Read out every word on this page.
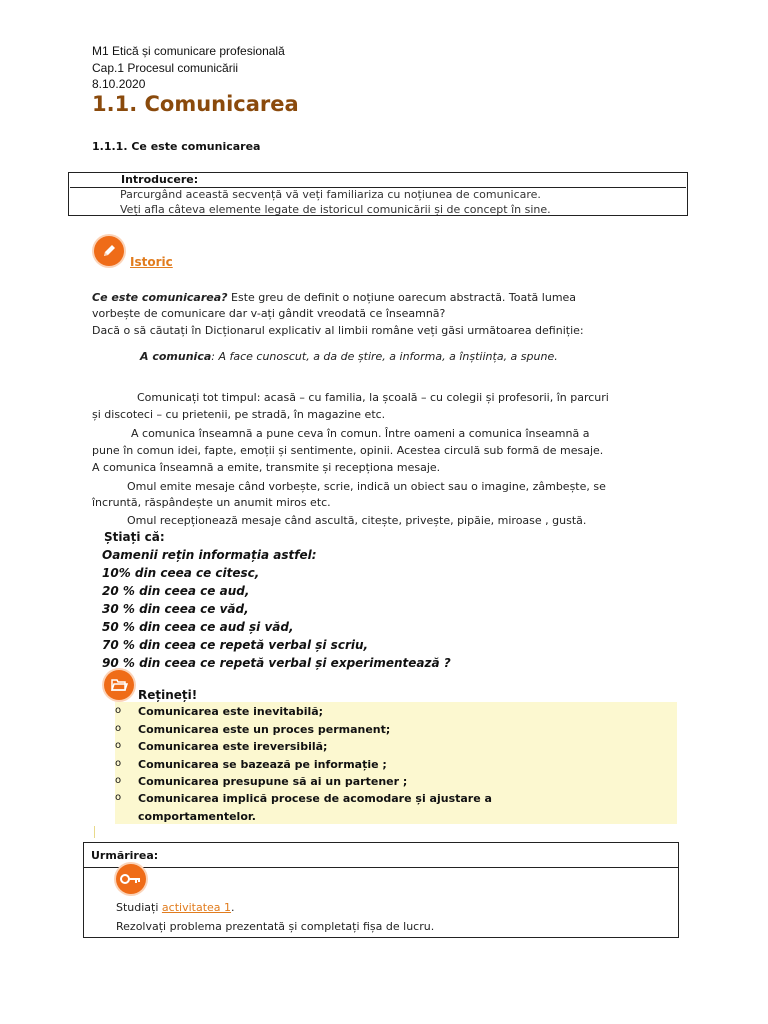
M1 Etică și comunicare profesională
Cap.1 Procesul comunicării
8.10.2020
1.1. Comunicarea
1.1.1. Ce este comunicarea
Introducere:
Parcurgând această secvență vă veți familiariza cu noțiunea de comunicare.
Veți afla câteva elemente legate de istoricul comunicării și de concept în sine.
Istoric
Ce este comunicarea? Este greu de definit o noțiune oarecum abstractă. Toată lumea
vorbește de comunicare dar v-ați gândit vreodată ce înseamnă?
Dacă o să căutați în Dicționarul explicativ al limbii române veți găsi următoarea definiție:
A comunica: A face cunoscut, a da de știre, a informa, a înștiința, a spune.
Comunicați tot timpul: acasă – cu familia, la școală – cu colegii și profesorii, în parcuri
și discoteci – cu prietenii, pe stradă, în magazine etc.
A comunica înseamnă a pune ceva în comun. Între oameni a comunica înseamnă a
pune în comun idei, fapte, emoții și sentimente, opinii. Acestea circulă sub formă de mesaje.
A comunica înseamnă a emite, transmite și recepționa mesaje.
Omul emite mesaje când vorbește, scrie, indică un obiect sau o imagine, zâmbește, se
încruntă, răspândește un anumit miros etc.
Omul recepționează mesaje când ascultă, citește, privește, pipăie, miroase , gustă.
Știați că:
Oamenii rețin informația astfel:
10% din ceea ce citesc,
20 % din ceea ce aud,
30 % din ceea ce văd,
50 % din ceea ce aud și văd,
70 % din ceea ce repetă verbal și scriu,
90 % din ceea ce repetă verbal și experimentează ?
Rețineți!
o Comunicarea este inevitabilă;
o Comunicarea este un proces permanent;
o Comunicarea este ireversibilă;
o Comunicarea se bazează pe informație ;
o Comunicarea presupune să ai un partener ;
o Comunicarea implică procese de acomodare și ajustare a
comportamentelor.
Urmărirea:
Studiați activitatea 1.
Rezolvați problema prezentată și completați fișa de lucru.
